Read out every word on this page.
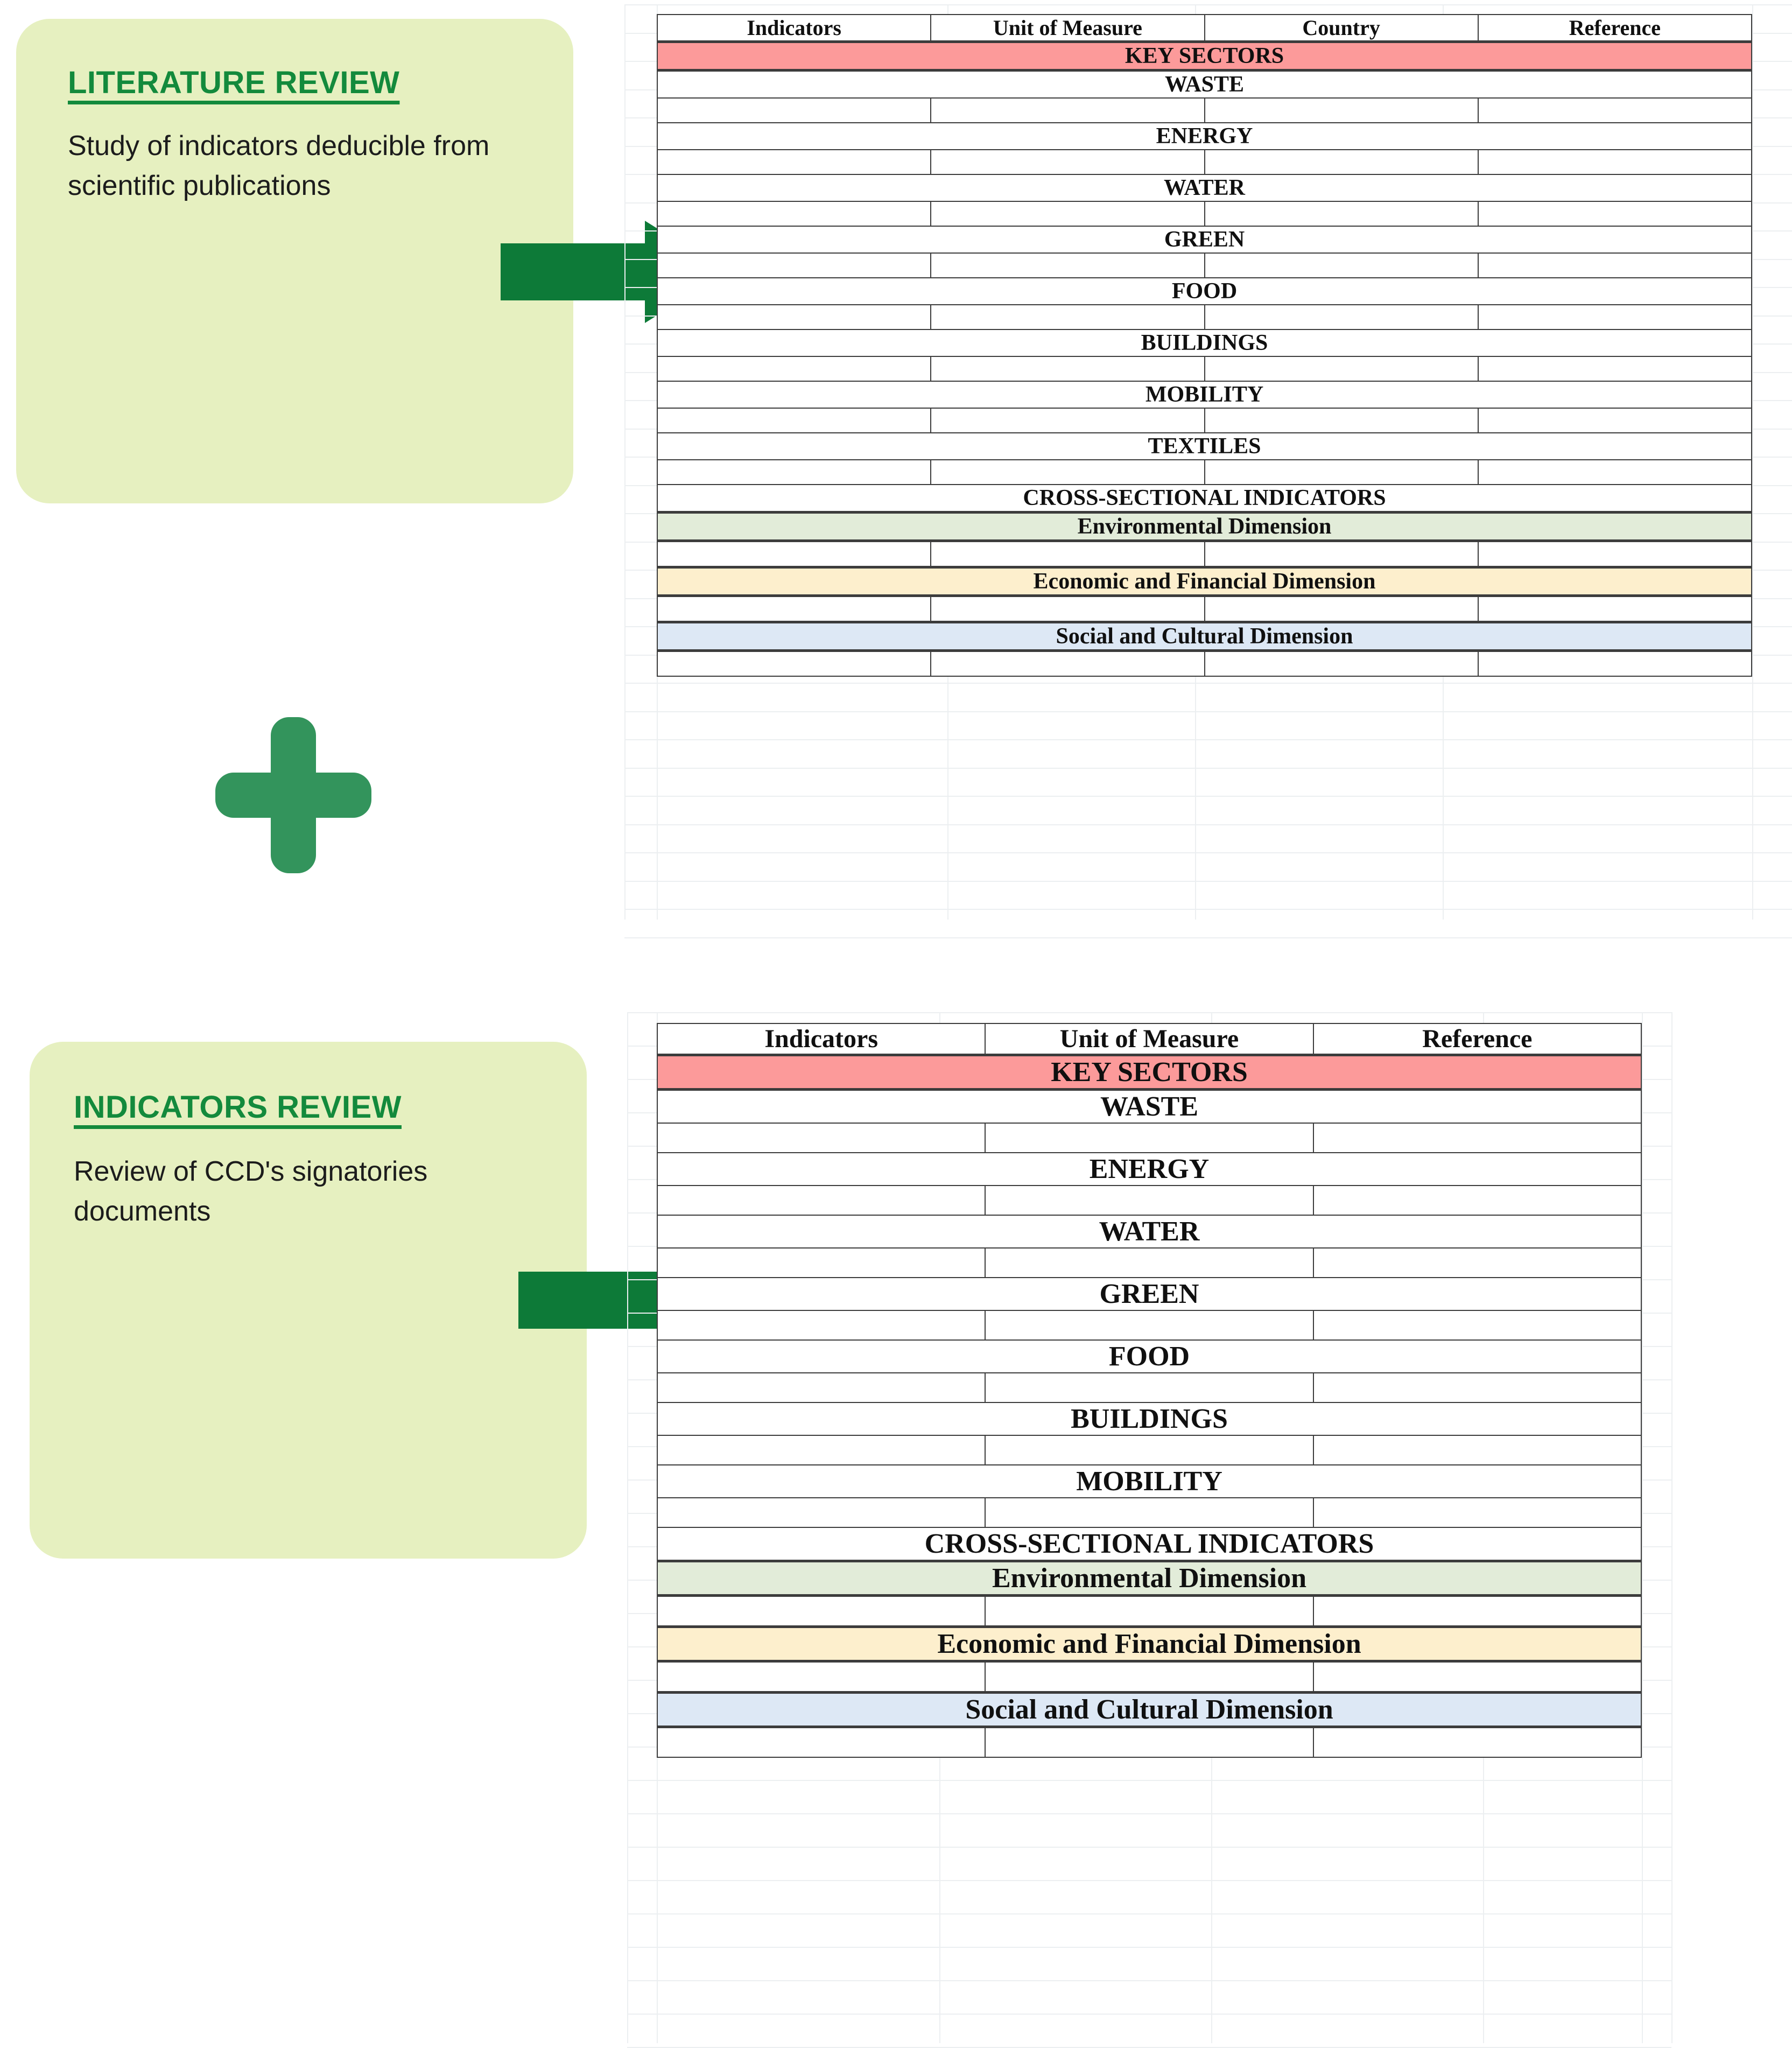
LITERATURE REVIEW
Study of indicators deducible from scientific publications
INDICATORS REVIEW
Review of CCD's signatories documents
Indicators	Unit of Measure	Country	Reference
KEY SECTORS			
WASTE			

ENERGY			

WATER			

GREEN			

FOOD			

BUILDINGS			

MOBILITY			

TEXTILES			

CROSS-SECTIONAL INDICATORS			
Environmental Dimension			

Economic and Financial Dimension			

Social and Cultural Dimension			

Indicators	Unit of Measure	Reference
KEY SECTORS		
WASTE		

ENERGY		

WATER		

GREEN		

FOOD		

BUILDINGS		

MOBILITY		

CROSS-SECTIONAL INDICATORS		
Environmental Dimension		

Economic and Financial Dimension		

Social and Cultural Dimension		
